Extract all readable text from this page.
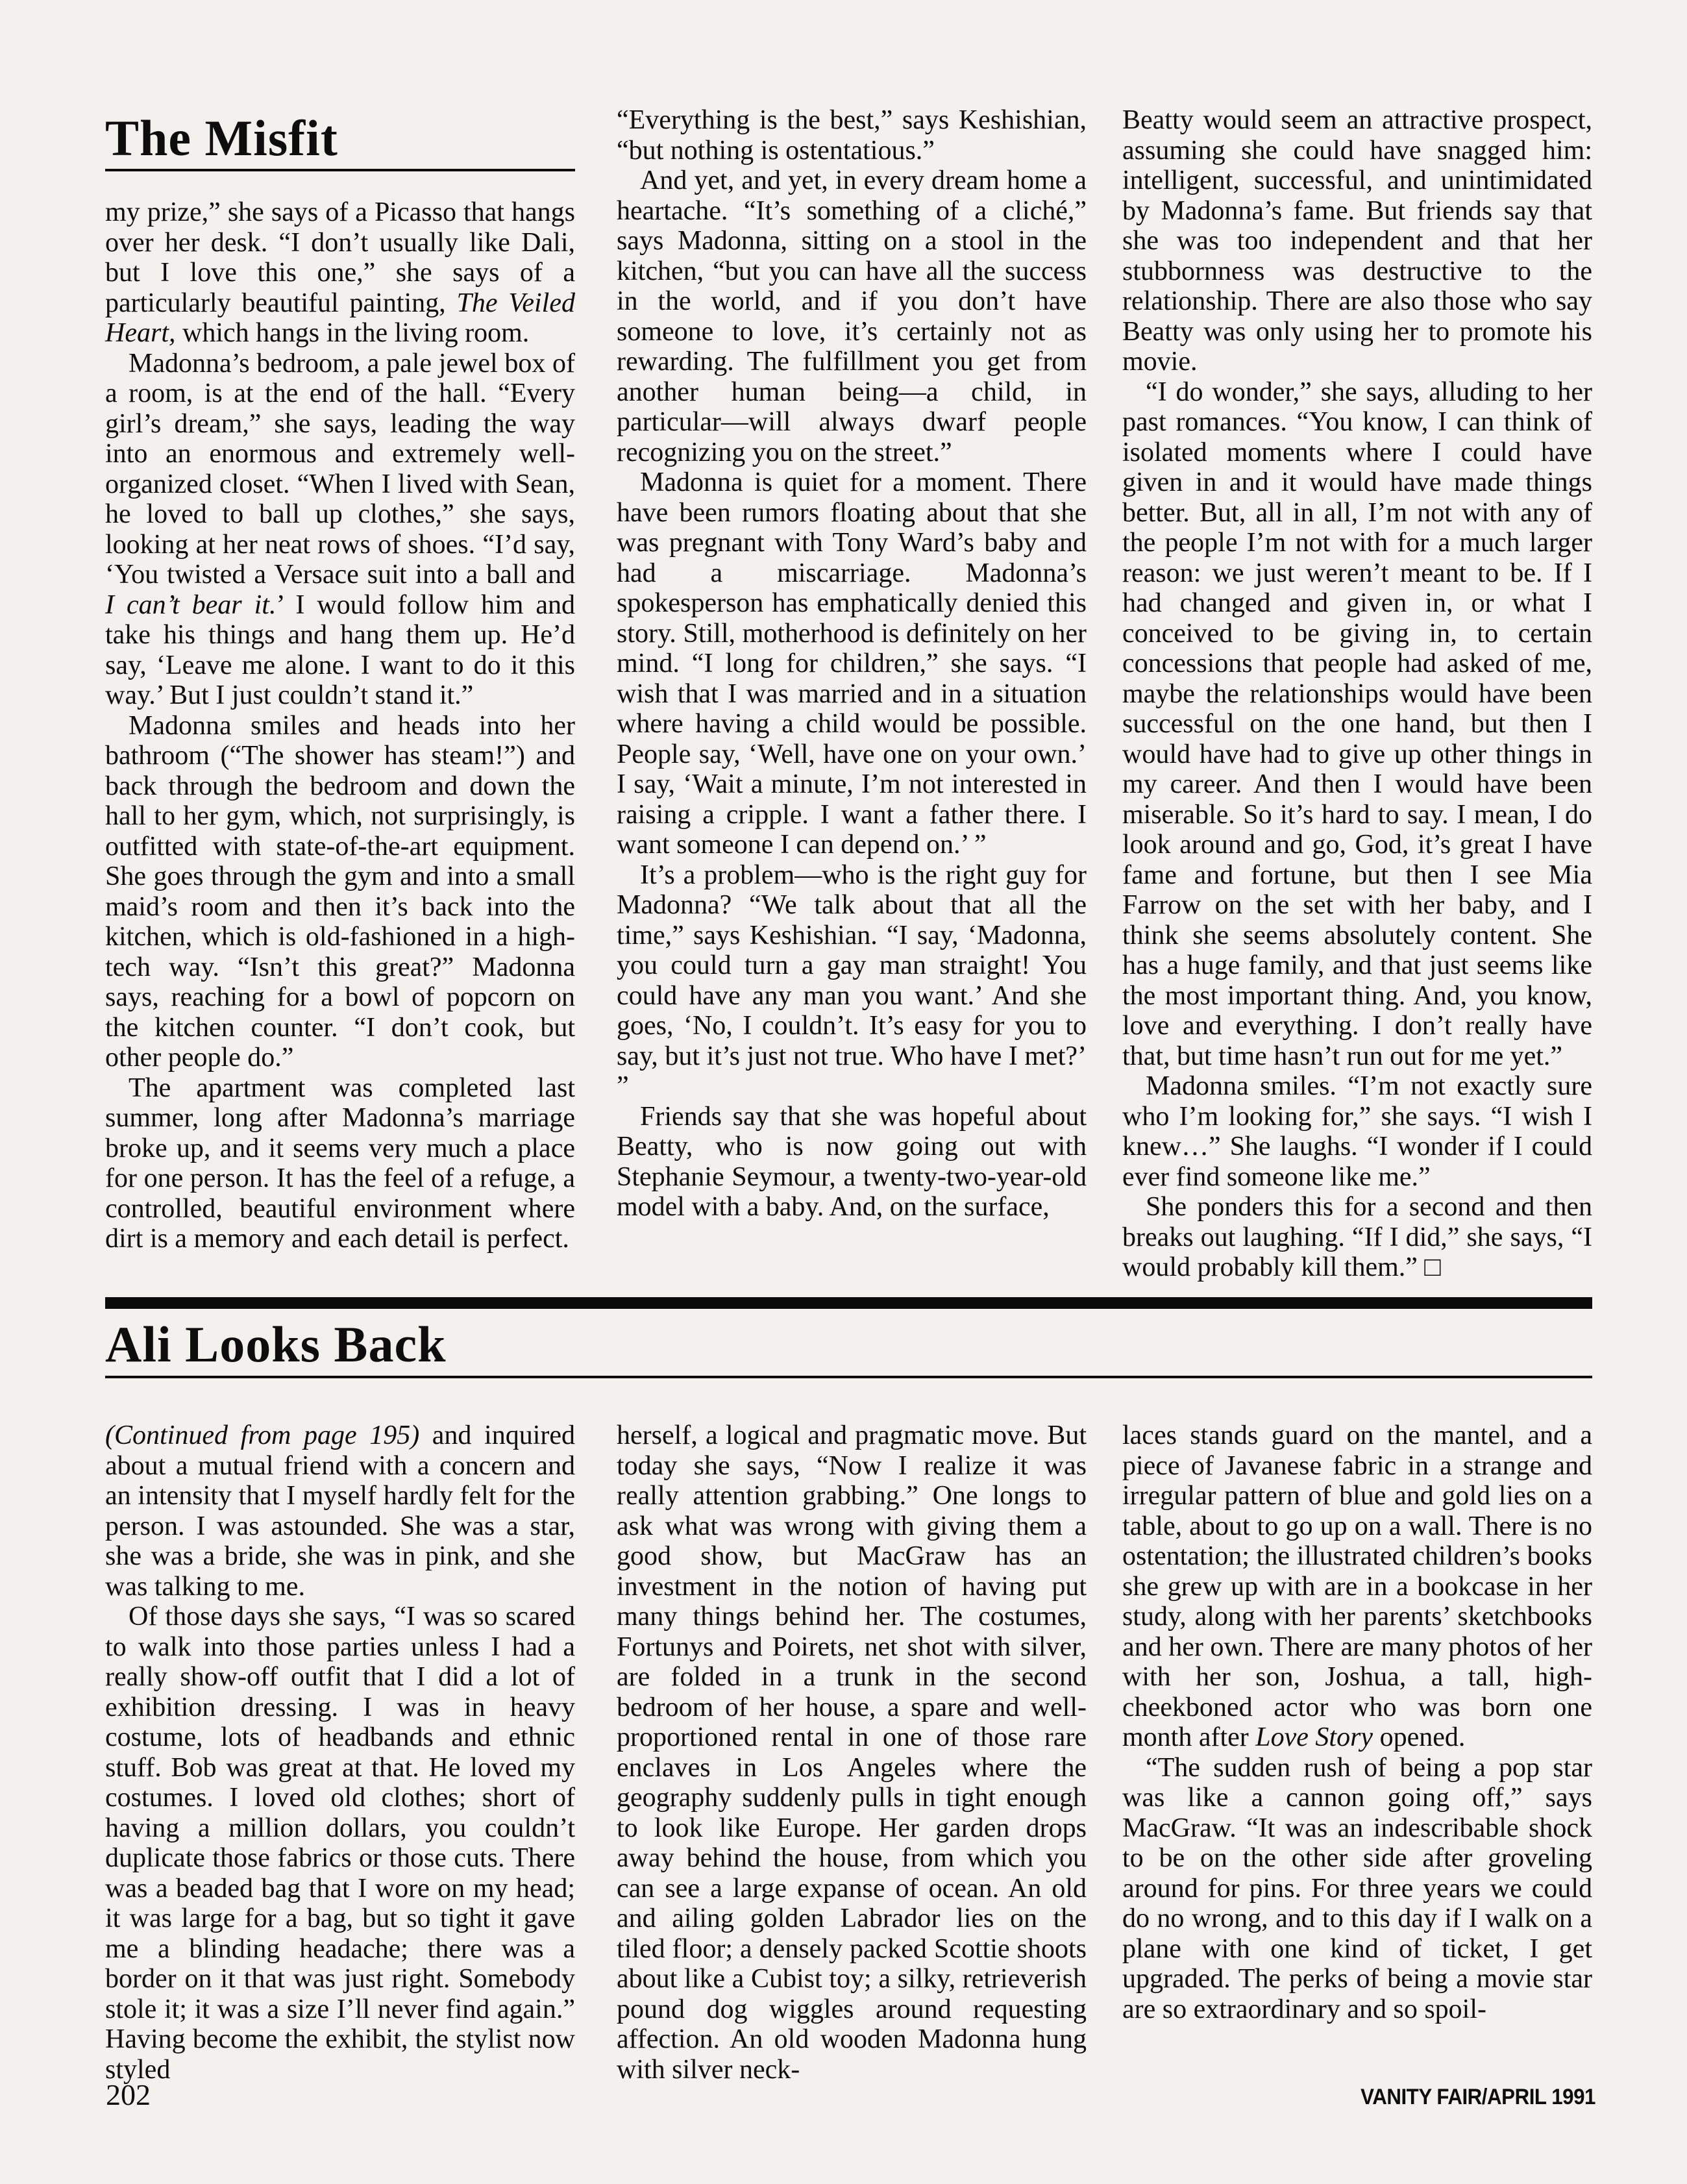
The Misfit

my prize,” she says of a Picasso that hangs over her desk. “I don’t usually like Dali, but I love this one,” she says of a particularly beautiful painting, The Veiled Heart, which hangs in the living room.

Madonna’s bedroom, a pale jewel box of a room, is at the end of the hall. “Every girl’s dream,” she says, leading the way into an enormous and extremely well-organized closet. “When I lived with Sean, he loved to ball up clothes,” she says, looking at her neat rows of shoes. “I’d say, ‘You twisted a Versace suit into a ball and I can’t bear it.’ I would follow him and take his things and hang them up. He’d say, ‘Leave me alone. I want to do it this way.’ But I just couldn’t stand it.”

Madonna smiles and heads into her bathroom (“The shower has steam!”) and back through the bedroom and down the hall to her gym, which, not surprisingly, is outfitted with state-of-the-art equipment. She goes through the gym and into a small maid’s room and then it’s back into the kitchen, which is old-fashioned in a high-tech way. “Isn’t this great?” Madonna says, reaching for a bowl of popcorn on the kitchen counter. “I don’t cook, but other people do.”

The apartment was completed last summer, long after Madonna’s marriage broke up, and it seems very much a place for one person. It has the feel of a refuge, a controlled, beautiful environment where dirt is a memory and each detail is perfect.

“Everything is the best,” says Keshishian, “but nothing is ostentatious.”

And yet, and yet, in every dream home a heartache. “It’s something of a cliché,” says Madonna, sitting on a stool in the kitchen, “but you can have all the success in the world, and if you don’t have someone to love, it’s certainly not as rewarding. The fulfillment you get from another human being—a child, in particular—will always dwarf people recognizing you on the street.”

Madonna is quiet for a moment. There have been rumors floating about that she was pregnant with Tony Ward’s baby and had a miscarriage. Madonna’s spokesperson has emphatically denied this story. Still, motherhood is definitely on her mind. “I long for children,” she says. “I wish that I was married and in a situation where having a child would be possible. People say, ‘Well, have one on your own.’ I say, ‘Wait a minute, I’m not interested in raising a cripple. I want a father there. I want someone I can depend on.’ ”

It’s a problem—who is the right guy for Madonna? “We talk about that all the time,” says Keshishian. “I say, ‘Madonna, you could turn a gay man straight! You could have any man you want.’ And she goes, ‘No, I couldn’t. It’s easy for you to say, but it’s just not true. Who have I met?’ ”

Friends say that she was hopeful about Beatty, who is now going out with Stephanie Seymour, a twenty-two-year-old model with a baby. And, on the surface,

Beatty would seem an attractive prospect, assuming she could have snagged him: intelligent, successful, and unintimidated by Madonna’s fame. But friends say that she was too independent and that her stubbornness was destructive to the relationship. There are also those who say Beatty was only using her to promote his movie.

“I do wonder,” she says, alluding to her past romances. “You know, I can think of isolated moments where I could have given in and it would have made things better. But, all in all, I’m not with any of the people I’m not with for a much larger reason: we just weren’t meant to be. If I had changed and given in, or what I conceived to be giving in, to certain concessions that people had asked of me, maybe the relationships would have been successful on the one hand, but then I would have had to give up other things in my career. And then I would have been miserable. So it’s hard to say. I mean, I do look around and go, God, it’s great I have fame and fortune, but then I see Mia Farrow on the set with her baby, and I think she seems absolutely content. She has a huge family, and that just seems like the most important thing. And, you know, love and everything. I don’t really have that, but time hasn’t run out for me yet.”

Madonna smiles. “I’m not exactly sure who I’m looking for,” she says. “I wish I knew…” She laughs. “I wonder if I could ever find someone like me.”

She ponders this for a second and then breaks out laughing. “If I did,” she says, “I would probably kill them.” □

Ali Looks Back

(Continued from page 195) and inquired about a mutual friend with a concern and an intensity that I myself hardly felt for the person. I was astounded. She was a star, she was a bride, she was in pink, and she was talking to me.

Of those days she says, “I was so scared to walk into those parties unless I had a really show-off outfit that I did a lot of exhibition dressing. I was in heavy costume, lots of headbands and ethnic stuff. Bob was great at that. He loved my costumes. I loved old clothes; short of having a million dollars, you couldn’t duplicate those fabrics or those cuts. There was a beaded bag that I wore on my head; it was large for a bag, but so tight it gave me a blinding headache; there was a border on it that was just right. Somebody stole it; it was a size I’ll never find again.” Having become the exhibit, the stylist now styled

herself, a logical and pragmatic move. But today she says, “Now I realize it was really attention grabbing.” One longs to ask what was wrong with giving them a good show, but MacGraw has an investment in the notion of having put many things behind her. The costumes, Fortunys and Poirets, net shot with silver, are folded in a trunk in the second bedroom of her house, a spare and well-proportioned rental in one of those rare enclaves in Los Angeles where the geography suddenly pulls in tight enough to look like Europe. Her garden drops away behind the house, from which you can see a large expanse of ocean. An old and ailing golden Labrador lies on the tiled floor; a densely packed Scottie shoots about like a Cubist toy; a silky, retrieverish pound dog wiggles around requesting affection. An old wooden Madonna hung with silver neck-

laces stands guard on the mantel, and a piece of Javanese fabric in a strange and irregular pattern of blue and gold lies on a table, about to go up on a wall. There is no ostentation; the illustrated children’s books she grew up with are in a bookcase in her study, along with her parents’ sketchbooks and her own. There are many photos of her with her son, Joshua, a tall, high-cheekboned actor who was born one month after Love Story opened.

“The sudden rush of being a pop star was like a cannon going off,” says MacGraw. “It was an indescribable shock to be on the other side after groveling around for pins. For three years we could do no wrong, and to this day if I walk on a plane with one kind of ticket, I get upgraded. The perks of being a movie star are so extraordinary and so spoil-

202	VANITY FAIR/APRIL 1991
